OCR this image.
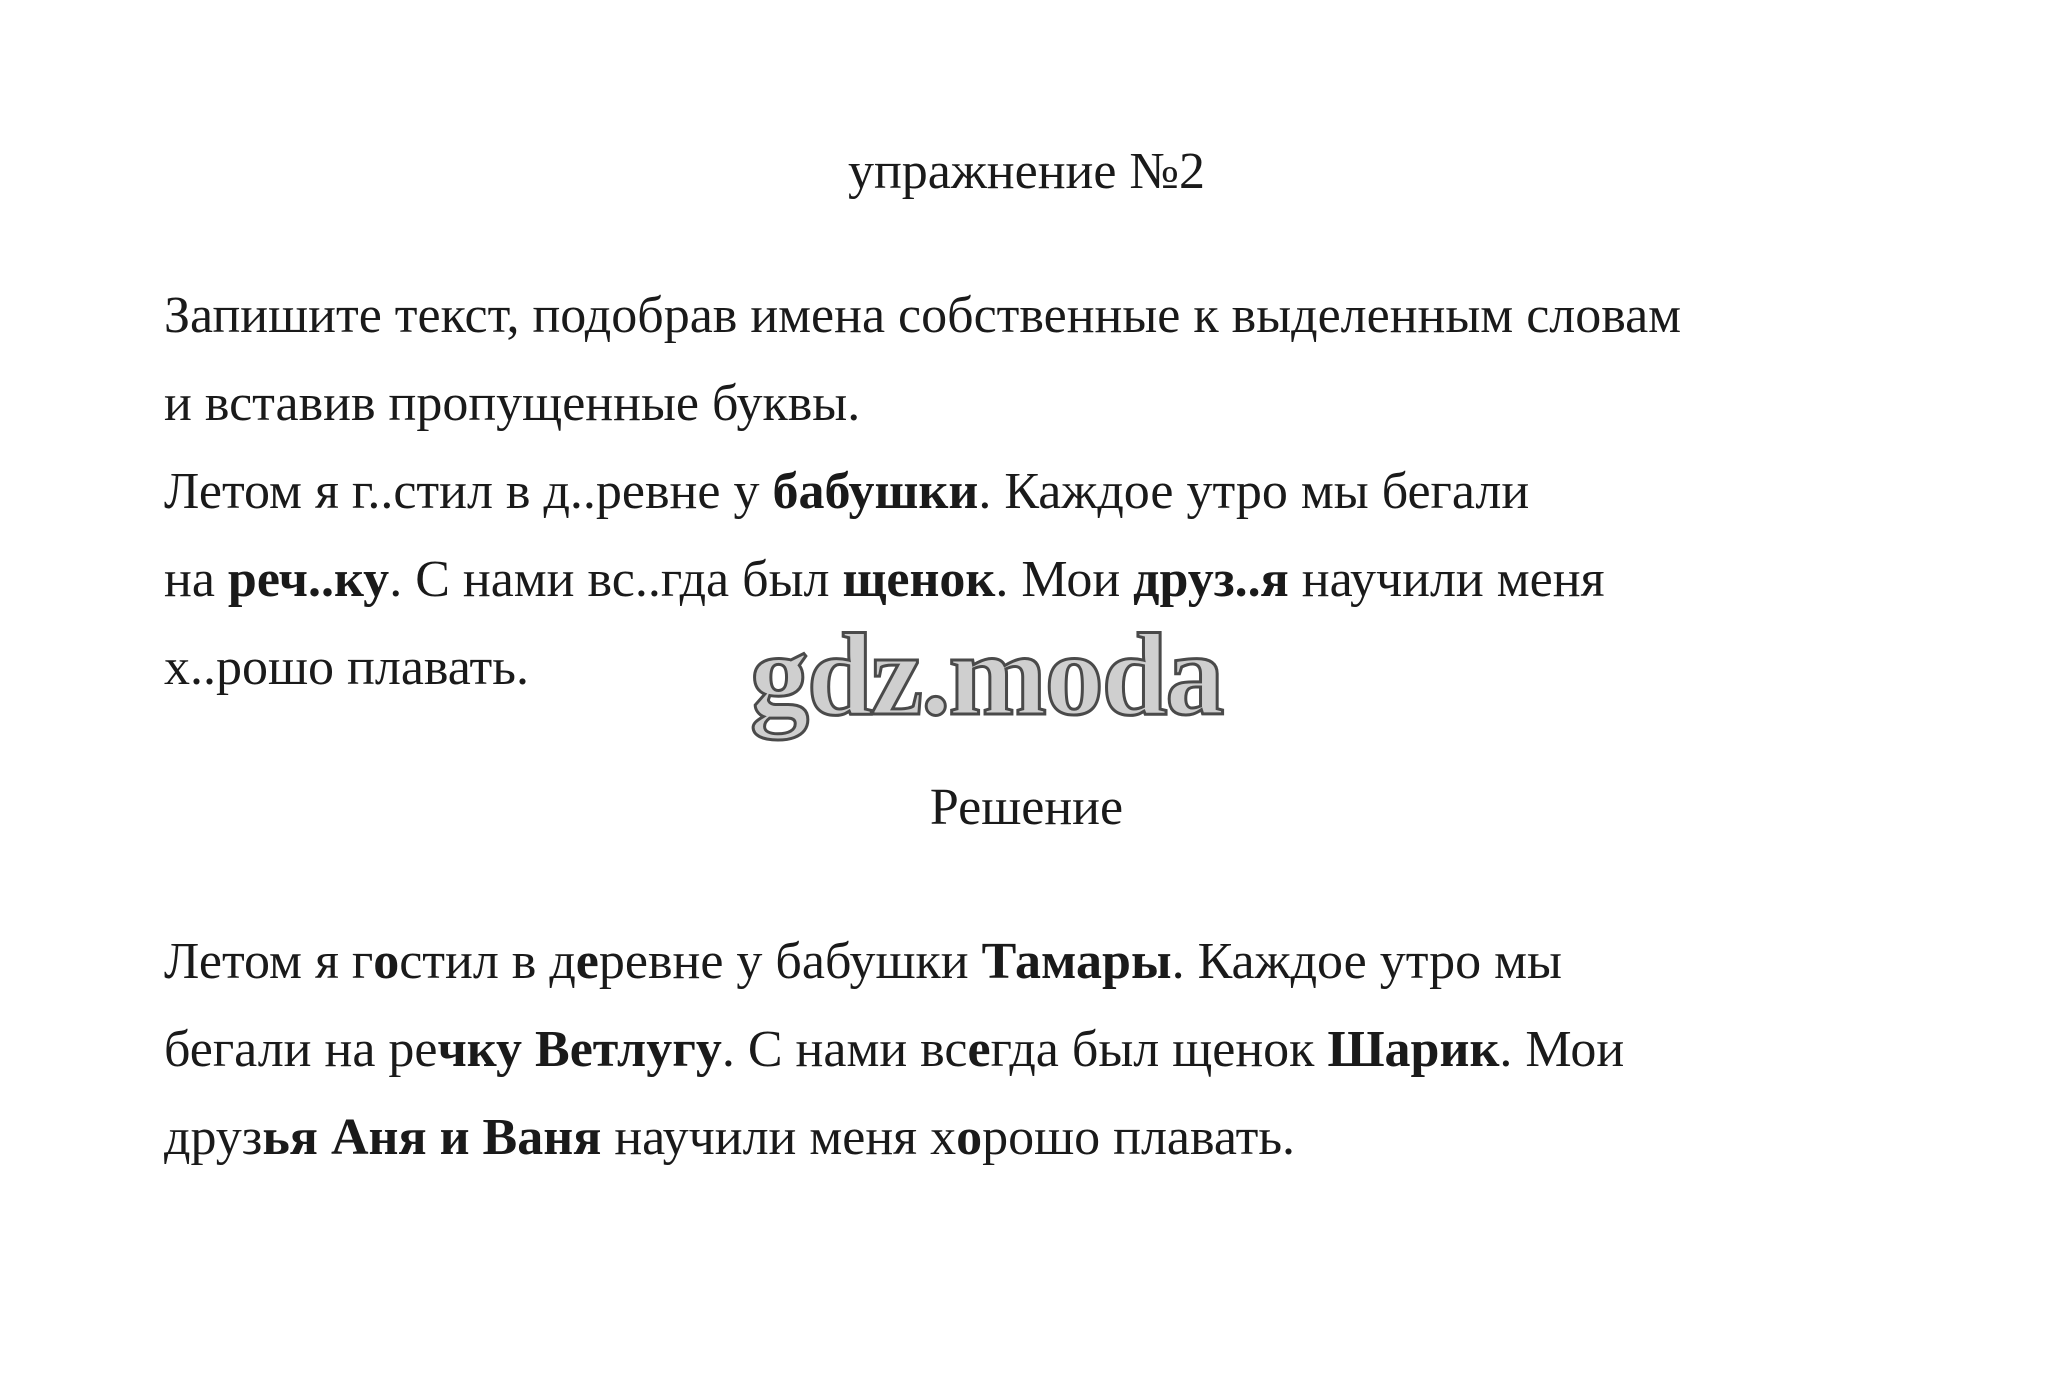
упражнение №2
Запишите текст, подобрав имена собственные к выделенным словам
и вставив пропущенные буквы.
Летом я г..стил в д..ревне у бабушки. Каждое утро мы бегали
на реч..ку. С нами вс..гда был щенок. Мои друз..я научили меня
х..рошо плавать.	gdz.moda
Решение
Летом я гостил в деревне у бабушки Тамары. Каждое утро мы
бегали на речку Ветлугу. С нами всегда был щенок Шарик. Мои
друзья Аня и Ваня научили меня хорошо плавать.
